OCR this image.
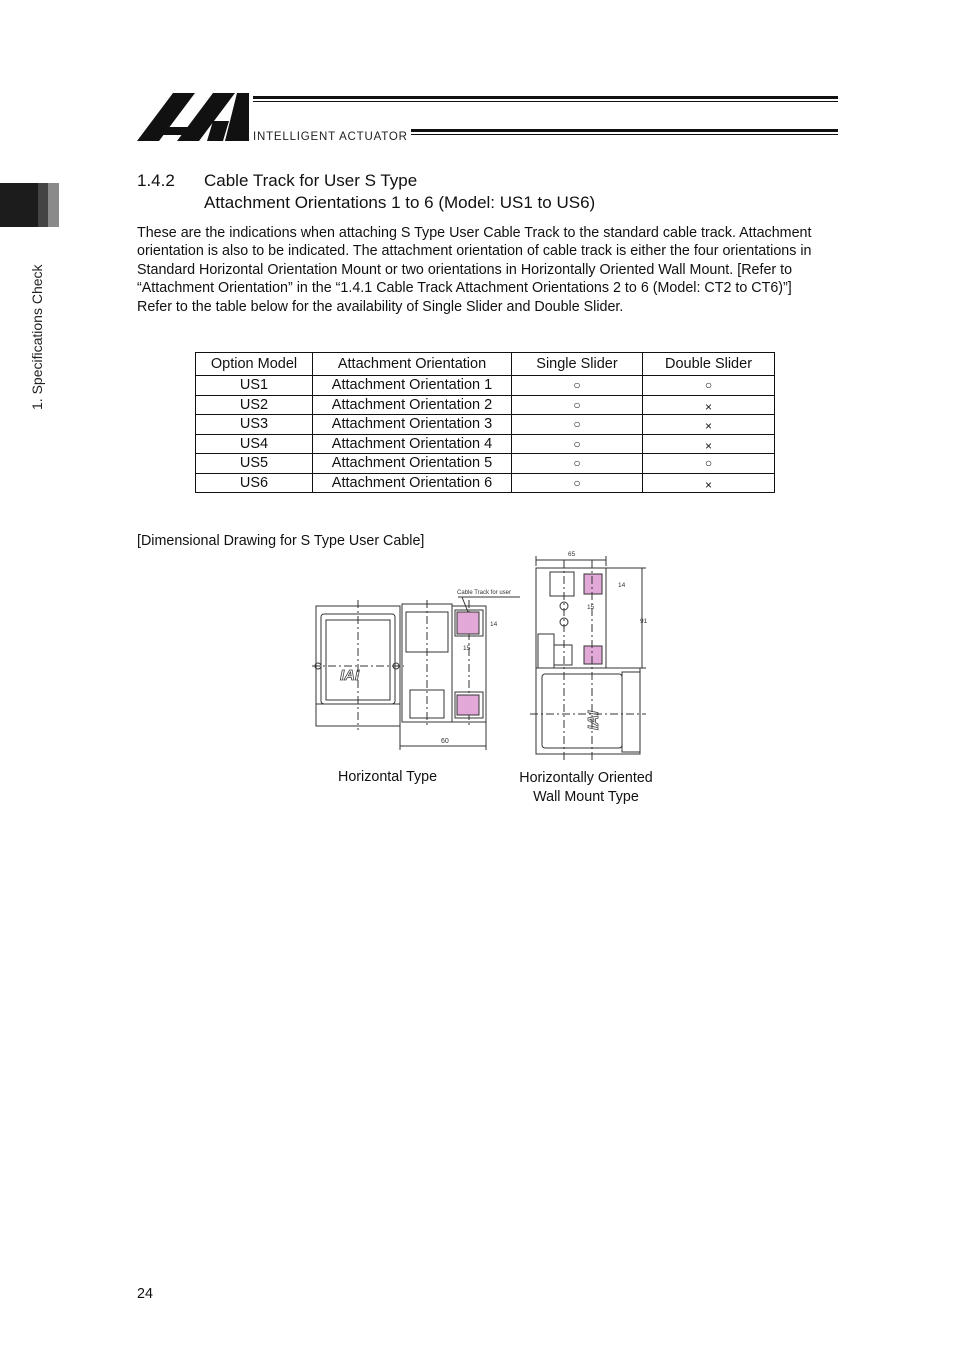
INTELLIGENT ACTUATOR
1. Specifications Check
1.4.2 Cable Track for User S Type
Attachment Orientations 1 to 6 (Model: US1 to US6)

These are the indications when attaching S Type User Cable Track to the standard cable track. Attachment orientation is also to be indicated. The attachment orientation of cable track is either the four orientations in Standard Horizontal Orientation Mount or two orientations in Horizontally Oriented Wall Mount. [Refer to “Attachment Orientation” in the “1.4.1 Cable Track Attachment Orientations 2 to 6 (Model: CT2 to CT6)”]

Refer to the table below for the availability of Single Slider and Double Slider.

Option Model	Attachment Orientation	Single Slider	Double Slider
US1	Attachment Orientation 1	○	○
US2	Attachment Orientation 2	○	×
US3	Attachment Orientation 3	○	×
US4	Attachment Orientation 4	○	×
US5	Attachment Orientation 5	○	○
US6	Attachment Orientation 6	○	×
[Dimensional Drawing for S Type User Cable]
IAI
60
Cable Track for user
14
15
IAI
65
91
14
15
Horizontal Type	Horizontally Oriented
Wall Mount Type
24
